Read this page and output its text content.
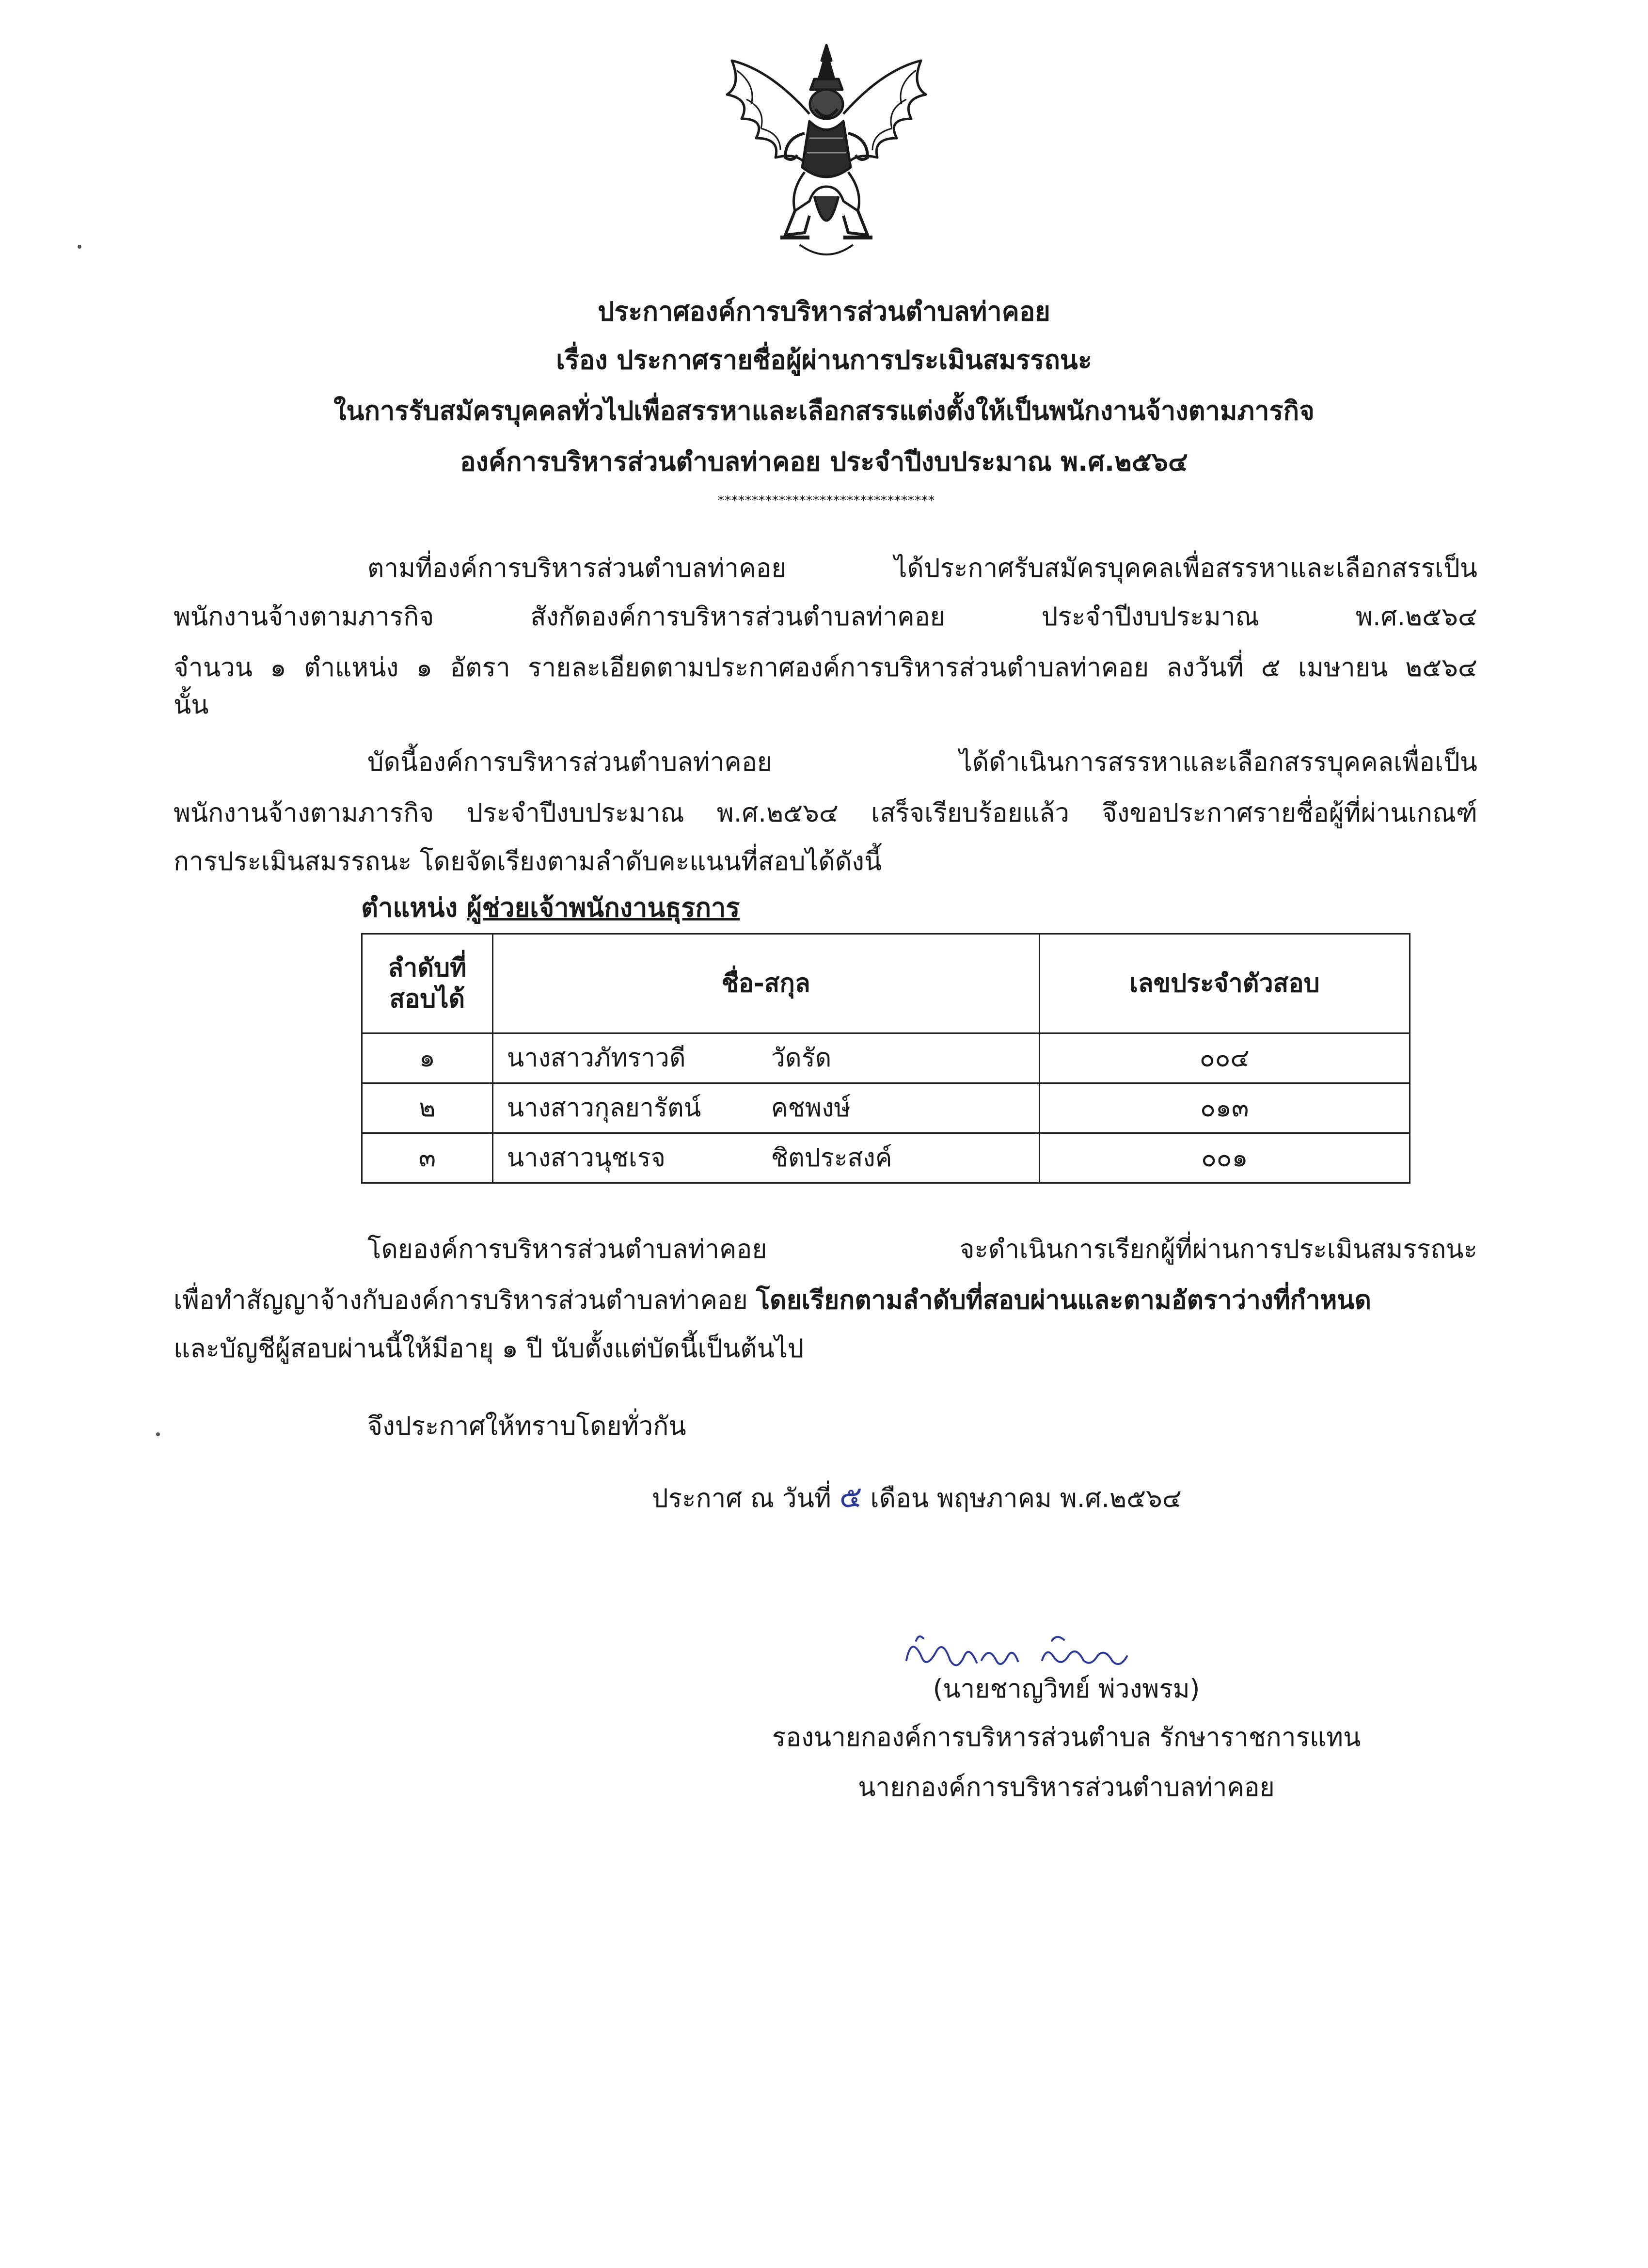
ประกาศองค์การบริหารส่วนตำบลท่าคอย
เรื่อง ประกาศรายชื่อผู้ผ่านการประเมินสมรรถนะ
ในการรับสมัครบุคคลทั่วไปเพื่อสรรหาและเลือกสรรแต่งตั้งให้เป็นพนักงานจ้างตามภารกิจ
องค์การบริหารส่วนตำบลท่าคอย ประจำปีงบประมาณ พ.ศ.๒๕๖๔
********************************
ตามที่องค์การบริหารส่วนตำบลท่าคอย ได้ประกาศรับสมัครบุคคลเพื่อสรรหาและเลือกสรรเป็น
พนักงานจ้างตามภารกิจ สังกัดองค์การบริหารส่วนตำบลท่าคอย ประจำปีงบประมาณ พ.ศ.๒๕๖๔
จำนวน ๑ ตำแหน่ง ๑ อัตรา รายละเอียดตามประกาศองค์การบริหารส่วนตำบลท่าคอย ลงวันที่ ๕ เมษายน ๒๕๖๔
นั้น
บัดนี้องค์การบริหารส่วนตำบลท่าคอย ได้ดำเนินการสรรหาและเลือกสรรบุคคลเพื่อเป็น
พนักงานจ้างตามภารกิจ ประจำปีงบประมาณ พ.ศ.๒๕๖๔ เสร็จเรียบร้อยแล้ว จึงขอประกาศรายชื่อผู้ที่ผ่านเกณฑ์
การประเมินสมรรถนะ โดยจัดเรียงตามลำดับคะแนนที่สอบได้ดังนี้
ตำแหน่ง ผู้ช่วยเจ้าพนักงานธุรการ
ลำดับที่
สอบได้	ชื่อ-สกุล	เลขประจำตัวสอบ
๑	นางสาวภัทราวดี วัดรัด	๐๐๔
๒	นางสาวกุลยารัตน์ คชพงษ์	๐๑๓
๓	นางสาวนุชเรจ ชิตประสงค์	๐๐๑
โดยองค์การบริหารส่วนตำบลท่าคอย จะดำเนินการเรียกผู้ที่ผ่านการประเมินสมรรถนะ
เพื่อทำสัญญาจ้างกับองค์การบริหารส่วนตำบลท่าคอย โดยเรียกตามลำดับที่สอบผ่านและตามอัตราว่างที่กำหนด
และบัญชีผู้สอบผ่านนี้ให้มีอายุ ๑ ปี นับตั้งแต่บัดนี้เป็นต้นไป
จึงประกาศให้ทราบโดยทั่วกัน
ประกาศ ณ วันที่ ๕ เดือน พฤษภาคม พ.ศ.๒๕๖๔
(นายชาญวิทย์ พ่วงพรม)
รองนายกองค์การบริหารส่วนตำบล รักษาราชการแทน
นายกองค์การบริหารส่วนตำบลท่าคอย
